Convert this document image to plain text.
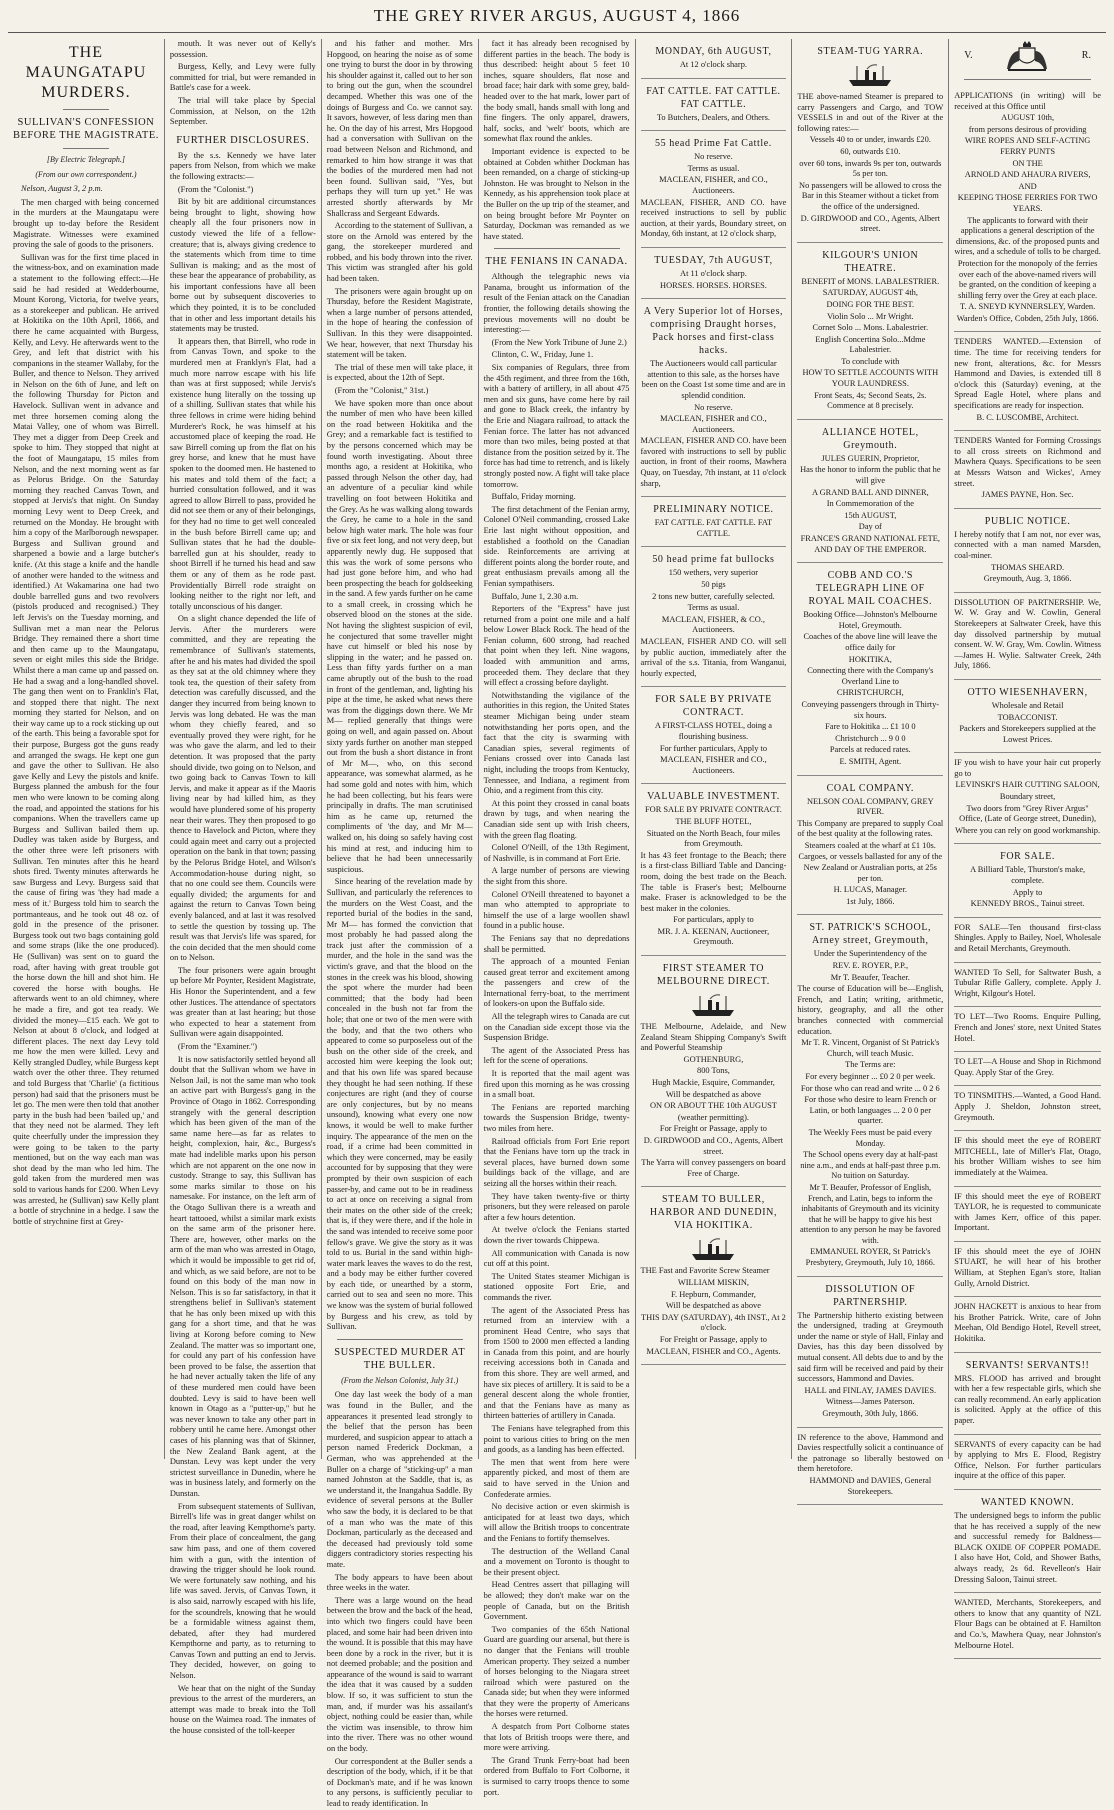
THE GREY RIVER ARGUS, AUGUST 4, 1866
THE MAUNGATAPU MURDERS.
SULLIVAN'S CONFESSION BEFORE THE MAGISTRATE.
[By Electric Telegraph.]
(From our own correspondent.)
Nelson, August 3, 2 p.m.

The men charged with being concerned in the murders at the Maungatapu were brought up to-day before the Resident Magistrate. Witnesses were examined proving the sale of goods to the prisoners.

Sullivan was for the first time placed in the witness-box, and on examination made a statement to the following effect:—He said he had resided at Wedderbourne, Mount Korong, Victoria, for twelve years, as a storekeeper and publican. He arrived at Hokitika on the 10th April, 1866, and there he came acquainted with Burgess, Kelly, and Levy. He afterwards went to the Grey, and left that district with his companions in the steamer Wallaby, for the Buller, and thence to Nelson. They arrived in Nelson on the 6th of June, and left on the following Thursday for Picton and Havelock. Sullivan went in advance and met three horsemen coming along the Matai Valley, one of whom was Birrell. They met a digger from Deep Creek and spoke to him. They stopped that night at the foot of Maungatapu, 15 miles from Nelson, and the next morning went as far as Pelorus Bridge. On the Saturday morning they reached Canvas Town, and stopped at Jervis's that night. On Sunday morning Levy went to Deep Creek, and returned on the Monday. He brought with him a copy of the Marlborough newspaper. Burgess and Sullivan ground and sharpened a bowie and a large butcher's knife. (At this stage a knife and the handle of another were handed to the witness and identified.) At Wakamarina one had two double barrelled guns and two revolvers (pistols produced and recognised.) They left Jervis's on the Tuesday morning, and Sullivan met a man near the Pelorus Bridge. They remained there a short time and then came up to the Maungatapu, seven or eight miles this side the Bridge. Whilst there a man came up and passed on. He had a swag and a long-handled shovel. The gang then went on to Franklin's Flat, and stopped there that night. The next morning they started for Nelson, and on their way came up to a rock sticking up out of the earth. This being a favorable spot for their purpose, Burgess got the guns ready and arranged the swags. He kept one gun and gave the other to Sullivan. He also gave Kelly and Levy the pistols and knife. Burgess planned the ambush for the four men who were known to be coming along the road, and appointed the stations for his companions. When the travellers came up Burgess and Sullivan bailed them up. Dudley was taken aside by Burgess, and the other three were left prisoners with Sullivan. Ten minutes after this he heard shots fired. Twenty minutes afterwards he saw Burgess and Levy. Burgess said that the cause of firing was 'they had made a mess of it.' Burgess told him to search the portmanteaus, and he took out 48 oz. of gold in the presence of the prisoner. Burgess took out two bags containing gold and some straps (like the one produced). He (Sullivan) was sent on to guard the road, after having with great trouble got the horse down the hill and shot him. He covered the horse with boughs. He afterwards went to an old chimney, where he made a fire, and got tea ready. We divided the money—£15 each. We got to Nelson at about 8 o'clock, and lodged at different places. The next day Levy told me how the men were killed. Levy and Kelly strangled Dudley, while Burgess kept watch over the other three. They returned and told Burgess that 'Charlie' (a fictitious person) had said that the prisoners must be let go. The men were then told that another party in the bush had been 'bailed up,' and that they need not be alarmed. They left quite cheerfully under the impression they were going to be taken to the party mentioned, but on the way each man was shot dead by the man who led him. The gold taken from the murdered men was sold to various hands for £200. When Levy was arrested, he (Sullivan) saw Kelly plant a bottle of strychnine in a hedge. I saw the bottle of strychnine first at Grey-

mouth. It was never out of Kelly's possession.

Burgess, Kelly, and Levy were fully committed for trial, but were remanded in Battle's case for a week.

The trial will take place by Special Commission, at Nelson, on the 12th September.

FURTHER DISCLOSURES.

By the s.s. Kennedy we have later papers from Nelson, from which we make the following extracts:—

(From the "Colonist.")

Bit by bit are additional circumstances being brought to light, showing how cheaply all the four prisoners now in custody viewed the life of a fellow-creature; that is, always giving credence to the statements which from time to time Sullivan is making; and as the most of these bear the appearance of probability, as his important confessions have all been borne out by subsequent discoveries to which they pointed, it is to be concluded that in other and less important details his statements may be trusted.

It appears then, that Birrell, who rode in from Canvas Town, and spoke to the murdered men at Franklyn's Flat, had a much more narrow escape with his life than was at first supposed; while Jervis's existence hung literally on the tossing up of a shilling. Sullivan states that while his three fellows in crime were hiding behind Murderer's Rock, he was himself at his accustomed place of keeping the road. He saw Birrell coming up from the flat on his grey horse, and knew that he must have spoken to the doomed men. He hastened to his mates and told them of the fact; a hurried consultation followed, and it was agreed to allow Birrell to pass, provided he did not see them or any of their belongings, for they had no time to get well concealed in the bush before Birrell came up; and Sullivan states that he had the double-barrelled gun at his shoulder, ready to shoot Birrell if he turned his head and saw them or any of them as he rode past. Providentially Birrell rode straight on looking neither to the right nor left, and totally unconscious of his danger.

On a slight chance depended the life of Jervis. After the murderers were committed, and they are repeating the remembrance of Sullivan's statements, after he and his mates had divided the spoil as they sat at the old chimney where they took tea, the question of their safety from detection was carefully discussed, and the danger they incurred from being known to Jervis was long debated. He was the man whom they chiefly feared, and so eventually proved they were right, for he was who gave the alarm, and led to their detention. It was proposed that the party should divide, two going on to Nelson, and two going back to Canvas Town to kill Jervis, and make it appear as if the Maoris living near by had killed him, as they would have plundered some of his property near their wares. They then proposed to go thence to Havelock and Picton, where they could again meet and carry out a projected operation on the bank in that town; passing by the Pelorus Bridge Hotel, and Wilson's Accommodation-house during night, so that no one could see them. Councils were equally divided; the arguments for and against the return to Canvas Town being evenly balanced, and at last it was resolved to settle the question by tossing up. The result was that Jervis's life was spared, for the coin decided that the men should come on to Nelson.

The four prisoners were again brought up before Mr Poynter, Resident Magistrate, His Honor the Superintendent, and a few other Justices. The attendance of spectators was greater than at last hearing; but those who expected to hear a statement from Sullivan were again disappointed.

(From the "Examiner.")

It is now satisfactorily settled beyond all doubt that the Sullivan whom we have in Nelson Jail, is not the same man who took an active part with Burgess's gang in the Province of Otago in 1862. Corresponding strangely with the general description which has been given of the man of the same name here—as far as relates to height, complexion, hair, &c., Burgess's mate had indelible marks upon his person which are not apparent on the one now in custody. Strange to say, this Sullivan has some marks similar to those on his namesake. For instance, on the left arm of the Otago Sullivan there is a wreath and heart tattooed, whilst a similar mark exists on the same arm of the prisoner here. There are, however, other marks on the arm of the man who was arrested in Otago, which it would be impossible to get rid of, and which, as we said before, are not to be found on this body of the man now in Nelson. This is so far satisfactory, in that it strengthens belief in Sullivan's statement that he has only been mixed up with this gang for a short time, and that he was living at Korong before coming to New Zealand. The matter was so important one, for could any part of his confession have been proved to be false, the assertion that he had never actually taken the life of any of these murdered men could have been doubted. Levy is said to have been well known in Otago as a "putter-up," but he was never known to take any other part in robbery until he came here. Amongst other cases of his planning was that of Skinner, the New Zealand Bank agent, at the Dunstan. Levy was kept under the very strictest surveillance in Dunedin, where he was in business lately, and formerly on the Dunstan.

From subsequent statements of Sullivan, Birrell's life was in great danger whilst on the road, after leaving Kempthorne's party. From their place of concealment, the gang saw him pass, and one of them covered him with a gun, with the intention of drawing the trigger should he look round. We were fortunately saw nothing, and his life was saved. Jervis, of Canvas Town, it is also said, narrowly escaped with his life, for the scoundrels, knowing that he would be a formidable witness against them, debated, after they had murdered Kempthorne and party, as to returning to Canvas Town and putting an end to Jervis. They decided, however, on going to Nelson.

We hear that on the night of the Sunday previous to the arrest of the murderers, an attempt was made to break into the Toll house on the Waimea road. The inmates of the house consisted of the toll-keeper

and his father and mother. Mrs Hopgood, on hearing the noise as of some one trying to burst the door in by throwing his shoulder against it, called out to her son to bring out the gun, when the scoundrel decamped. Whether this was one of the doings of Burgess and Co. we cannot say. It savors, however, of less daring men than he. On the day of his arrest, Mrs Hopgood had a conversation with Sullivan on the road between Nelson and Richmond, and remarked to him how strange it was that the bodies of the murdered men had not been found. Sullivan said, "Yes, but perhaps they will turn up yet." He was arrested shortly afterwards by Mr Shallcrass and Sergeant Edwards.

According to the statement of Sullivan, a store on the Arnold was entered by the gang, the storekeeper murdered and robbed, and his body thrown into the river. This victim was strangled after his gold had been taken.

The prisoners were again brought up on Thursday, before the Resident Magistrate, when a large number of persons attended, in the hope of hearing the confession of Sullivan. In this they were disappointed. We hear, however, that next Thursday his statement will be taken.

The trial of these men will take place, it is expected, about the 12th of Sept.

(From the "Colonist," 31st.)

We have spoken more than once about the number of men who have been killed on the road between Hokitika and the Grey; and a remarkable fact is testified to by the persons concerned which may be found worth investigating. About three months ago, a resident at Hokitika, who passed through Nelson the other day, had an adventure of a peculiar kind while travelling on foot between Hokitika and the Grey. As he was walking along towards the Grey, he came to a hole in the sand below high water mark. The hole was four five or six feet long, and not very deep, but apparently newly dug. He supposed that this was the work of some persons who had just gone before him, and who had been prospecting the beach for goldseeking in the sand. A few yards further on he came to a small creek, in crossing which he observed blood on the stones at the side. Not having the slightest suspicion of evil, he conjectured that some traveller might have cut himself or bled his nose by slipping in the water; and he passed on. Less than fifty yards further on a man came abruptly out of the bush to the road in front of the gentleman, and, lighting his pipe at the time, he asked what news there was from the diggings down there. We Mr M— replied generally that things were going on well, and again passed on. About sixty yards further on another man stepped out from the bush a short distance in front of Mr M—, who, on this second appearance, was somewhat alarmed, as he had some gold and notes with him, which he had been collecting, but his fears were principally in drafts. The man scrutinised him as he came up, returned the compliments of 'the day, and Mr M— walked on, his doing so safely having cost his mind at rest, and inducing him to believe that he had been unnecessarily suspicious.

Since hearing of the revelation made by Sullivan, and particularly the references to the murders on the West Coast, and the reported burial of the bodies in the sand, Mr M— has formed the conviction that most probably he had passed along the track just after the commission of a murder, and the hole in the sand was the victim's grave, and that the blood on the stones in the creek was his blood, showing the spot where the murder had been committed; that the body had been concealed in the bush not far from the hole; that one or two of the men were with the body, and that the two others who appeared to come so purposeless out of the bush on the other side of the creek, and accosted him were keeping the look out; and that his own life was spared because they thought he had seen nothing. If these conjectures are right (and they of course are only conjectures, but by no means unsound), knowing what every one now knows, it would be well to make further inquiry. The appearance of the men on the road, if a crime had been committed in which they were concerned, may be easily accounted for by supposing that they were prompted by their own suspicion of each passer-by, and came out to be in readiness to act at once on receiving a signal from their mates on the other side of the creek; that is, if they were there, and if the hole in the sand was intended to receive some poor fellow's grave. We give the story as it was told to us. Burial in the sand within high-water mark leaves the waves to do the rest, and a body may be either further covered by each tide, or unearthed by a storm, carried out to sea and seen no more. This we know was the system of burial followed by Burgess and his crew, as told by Sullivan.

SUSPECTED MURDER AT THE BULLER.
(From the Nelson Colonist, July 31.)

One day last week the body of a man was found in the Buller, and the appearances it presented lead strongly to the belief that the person has been murdered, and suspicion appear to attach a person named Frederick Dockman, a German, who was apprehended at the Buller on a charge of "sticking-up" a man named Johnston at the Saddle, that is, as we understand it, the Inangahua Saddle. By evidence of several persons at the Buller who saw the body, it is declared to be that of a man who was the mate of this Dockman, particularly as the deceased and the deceased had previously told some diggers contradictory stories respecting his mate.

The body appears to have been about three weeks in the water.

There was a large wound on the head between the brow and the back of the head, into which two fingers could have been placed, and some hair had been driven into the wound. It is possible that this may have been done by a rock in the river, but it is not deemed probable; and the position and appearance of the wound is said to warrant the idea that it was caused by a sudden blow. If so, it was sufficient to stun the man, and, if murder was his assailant's object, nothing could be easier than, while the victim was insensible, to throw him into the river. There was no other wound on the body.

Our correspondent at the Buller sends a description of the body, which, if it be that of Dockman's mate, and if he was known to any persons, is sufficiently peculiar to lead to ready identification. In

fact it has already been recognised by different parties in the beach. The body is thus described: height about 5 feet 10 inches, square shoulders, flat nose and broad face; hair dark with some grey, bald-headed over to the hat mark, lower part of the body small, hands small with long and fine fingers. The only apparel, drawers, half, socks, and 'welt' boots, which are somewhat flax round the ankles.

Important evidence is expected to be obtained at Cobden whither Dockman has been remanded, on a charge of sticking-up Johnston. He was brought to Nelson in the Kennedy, as his apprehension took place at the Buller on the up trip of the steamer, and on being brought before Mr Poynter on Saturday, Dockman was remanded as we have stated.

THE FENIANS IN CANADA.

Although the telegraphic news via Panama, brought us information of the result of the Fenian attack on the Canadian frontier, the following details showing the previous movements will no doubt be interesting:—

(From the New York Tribune of June 2.)

Clinton, C. W., Friday, June 1.

Six companies of Regulars, three from the 45th regiment, and three from the 16th, with a battery of artillery, in all about 475 men and six guns, have come here by rail and gone to Black creek, the infantry by the Erie and Niagara railroad, to attack the Fenian force. The latter has not advanced more than two miles, being posted at that distance from the position seized by it. The force has had time to retrench, and is likely strongly posted now. A fight will take place tomorrow.

Buffalo, Friday morning.

The first detachment of the Fenian army, Colonel O'Neil commanding, crossed Lake Erie last night without opposition, and established a foothold on the Canadian side. Reinforcements are arriving at different points along the border route, and great enthusiasm prevails among all the Fenian sympathisers.

Buffalo, June 1, 2.30 a.m.

Reporters of the "Express" have just returned from a point one mile and a half below Lower Black Rock. The head of the Fenian column, 600 strong, had reached that point when they left. Nine wagons, loaded with ammunition and arms, proceeded them. They declare that they will effect a crossing before daylight.

Notwithstanding the vigilance of the authorities in this region, the United States steamer Michigan being under steam notwithstanding her ports open, and the fact that the city is swarming with Canadian spies, several regiments of Fenians crossed over into Canada last night, including the troops from Kentucky, Tennessee, and Indiana, a regiment from Ohio, and a regiment from this city.

At this point they crossed in canal boats drawn by tugs, and when nearing the Canadian side sent up with Irish cheers, with the green flag floating.

Colonel O'Neill, of the 13th Regiment, of Nashville, is in command at Fort Erie.

A large number of persons are viewing the sight from this shore.

Colonel O'Neill threatened to bayonet a man who attempted to appropriate to himself the use of a large woollen shawl found in a public house.

The Fenians say that no depredations shall be permitted.

The approach of a mounted Fenian caused great terror and excitement among the passengers and crew of the International ferry-boat, to the merriment of lookers-on upon the Buffalo side.

All the telegraph wires to Canada are cut on the Canadian side except those via the Suspension Bridge.

The agent of the Associated Press has left for the scene of operations.

It is reported that the mail agent was fired upon this morning as he was crossing in a small boat.

The Fenians are reported marching towards the Suspension Bridge, twenty-two miles from here.

Railroad officials from Fort Erie report that the Fenians have torn up the track in several places, have burned down some buildings back of the village, and are seizing all the horses within their reach.

They have taken twenty-five or thirty prisoners, but they were released on parole after a few hours detention.

At twelve o'clock the Fenians started down the river towards Chippewa.

All communication with Canada is now cut off at this point.

The United States steamer Michigan is stationed opposite Fort Erie, and commands the river.

The agent of the Associated Press has returned from an interview with a prominent Head Centre, who says that from 1500 to 2000 men effected a landing in Canada from this point, and are hourly receiving accessions both in Canada and from this shore. They are well armed, and have six pieces of artillery. It is said to be a general descent along the whole frontier, and that the Fenians have as many as thirteen batteries of artillery in Canada.

The Fenians have telegraphed from this point to various cities to bring on the men and goods, as a landing has been effected.

The men that went from here were apparently picked, and most of them are said to have served in the Union and Confederate armies.

No decisive action or even skirmish is anticipated for at least two days, which will allow the British troops to concentrate and the Fenians to fortify themselves.

The destruction of the Welland Canal and a movement on Toronto is thought to be their present object.

Head Centres assert that pillaging will be allowed; they don't make war on the people of Canada, but on the British Government.

Two companies of the 65th National Guard are guarding our arsenal, but there is no danger that the Fenians will trouble American property. They seized a number of horses belonging to the Niagara street railroad which were pastured on the Canada side; but when they were informed that they were the property of Americans the horses were returned.

A despatch from Port Colborne states that lots of British troops were there, and more were arriving.

The Grand Trunk Ferry-boat had been ordered from Buffalo to Fort Colborne, it is surmised to carry troops thence to some port.

MONDAY, 6th AUGUST,
At 12 o'clock sharp.
FAT CATTLE. FAT CATTLE. FAT CATTLE.
To Butchers, Dealers, and Others.
55 head Prime Fat Cattle.
No reserve.
Terms as usual.
MACLEAN, FISHER, and CO., Auctioneers.
MACLEAN, FISHER, AND CO. have received instructions to sell by public auction, at their yards, Boundary street, on Monday, 6th instant, at 12 o'clock sharp,
TUESDAY, 7th AUGUST,
At 11 o'clock sharp.
HORSES. HORSES. HORSES.
A Very Superior lot of Horses, comprising Draught horses, Pack horses and first-class hacks.
The Auctioneers would call particular attention to this sale, as the horses have been on the Coast 1st some time and are in splendid condition.
No reserve.
MACLEAN, FISHER and CO., Auctioneers.
MACLEAN, FISHER AND CO. have been favored with instructions to sell by public auction, in front of their rooms, Mawhera Quay, on Tuesday, 7th instant, at 11 o'clock sharp,
PRELIMINARY NOTICE.
FAT CATTLE. FAT CATTLE. FAT CATTLE.
50 head prime fat bullocks
150 wethers, very superior
50 pigs
2 tons new butter, carefully selected.
Terms as usual.
MACLEAN, FISHER, & CO., Auctioneers.
MACLEAN, FISHER AND CO. will sell by public auction, immediately after the arrival of the s.s. Titania, from Wanganui, hourly expected,
FOR SALE BY PRIVATE CONTRACT.
A FIRST-CLASS HOTEL, doing a flourishing business.
For further particulars, Apply to
MACLEAN, FISHER and CO., Auctioneers.
VALUABLE INVESTMENT.
FOR SALE BY PRIVATE CONTRACT.
THE BLUFF HOTEL,
Situated on the North Beach, four miles from Greymouth.
It has 43 feet frontage to the Beach; there is a first-class Billiard Table and Dancing-room, doing the best trade on the Beach. The table is Fraser's best; Melbourne make. Fraser is acknowledged to be the best maker in the colonies.
For particulars, apply to
MR. J. A. KEENAN, Auctioneer, Greymouth.
FIRST STEAMER TO MELBOURNE DIRECT.
THE Melbourne, Adelaide, and New Zealand Steam Shipping Company's Swift and Powerful Steamship
GOTHENBURG,
800 Tons,
Hugh Mackie, Esquire, Commander,
Will be despatched as above
ON OR ABOUT THE 10th AUGUST
(weather permitting).
For Freight or Passage, apply to
D. GIRDWOOD and CO., Agents, Albert street.
The Yarra will convey passengers on board Free of Charge.
STEAM TO BULLER, HARBOR AND DUNEDIN, VIA HOKITIKA.
THE Fast and Favorite Screw Steamer
WILLIAM MISKIN,
F. Hepburn, Commander,
Will be despatched as above
THIS DAY (SATURDAY), 4th INST., At 2 o'clock.
For Freight or Passage, apply to
MACLEAN, FISHER and CO., Agents.
STEAM-TUG YARRA.
THE above-named Steamer is prepared to carry Passengers and Cargo, and TOW VESSELS in and out of the River at the following rates:—
Vessels 40 to or under, inwards £20.
60, outwards £10.
over 60 tons, inwards 9s per ton, outwards 5s per ton.
No passengers will be allowed to cross the Bar in this Steamer without a ticket from the office of the undersigned.
D. GIRDWOOD and CO., Agents, Albert street.
KILGOUR'S UNION THEATRE.
BENEFIT of MONS. LABALESTRIER.
SATURDAY, AUGUST 4th,
DOING FOR THE BEST.
Violin Solo ... Mr Wright.
Cornet Solo ... Mons. Labalestrier.
English Concertina Solo...Mdme Labalestrier.
To conclude with
HOW TO SETTLE ACCOUNTS WITH YOUR LAUNDRESS.
Front Seats, 4s; Second Seats, 2s. Commence at 8 precisely.
ALLIANCE HOTEL, Greymouth.
JULES GUERIN, Proprietor,
Has the honor to inform the public that he will give
A GRAND BALL AND DINNER,
In Commemoration of the
15th AUGUST,
Day of
FRANCE'S GRAND NATIONAL FETE, AND DAY OF THE EMPEROR.
COBB AND CO.'S TELEGRAPH LINE OF ROYAL MAIL COACHES.
Booking Office—Johnston's Melbourne Hotel, Greymouth.
Coaches of the above line will leave the office daily for
HOKITIKA,
Connecting there with the Company's Overland Line to
CHRISTCHURCH,
Conveying passengers through in Thirty-six hours.
Fare to Hokitika ... £1 10 0
Christchurch ... 9 0 0
Parcels at reduced rates.
E. SMITH, Agent.
COAL COMPANY.
NELSON COAL COMPANY, GREY RIVER.
This Company are prepared to supply Coal of the best quality at the following rates.
Steamers coaled at the wharf at £1 10s.
Cargoes, or vessels ballasted for any of the New Zealand or Australian ports, at 25s per ton.
H. LUCAS, Manager.
1st July, 1866.
ST. PATRICK'S SCHOOL, Arney street, Greymouth,
Under the Superintendency of the
REV. E. ROYER, P.P.,
Mr T. Beaufer, Teacher.
The course of Education will be—English, French, and Latin; writing, arithmetic, history, geography, and all the other branches connected with commercial education.
Mr T. R. Vincent, Organist of St Patrick's Church, will teach Music.
The Terms are:
For every beginner ... £0 2 0 per week.
For those who can read and write ... 0 2 6
For those who desire to learn French or Latin, or both languages ... 2 0 0 per quarter.
The Weekly Fees must be paid every Monday.
The School opens every day at half-past nine a.m., and ends at half-past three p.m. No tuition on Saturday.
Mr T. Beaufer, Professor of English, French, and Latin, begs to inform the inhabitants of Greymouth and its vicinity that he will be happy to give his best attention to any person he may be favored with.
EMMANUEL ROYER, St Patrick's Presbytery, Greymouth, July 10, 1866.
DISSOLUTION OF PARTNERSHIP.
The Partnership hitherto existing between the undersigned, trading at Greymouth under the name or style of Hall, Finlay and Davies, has this day been dissolved by mutual consent. All debts due to and by the said firm will be received and paid by their successors, Hammond and Davies.
HALL and FINLAY, JAMES DAVIES.
Witness—James Paterson.
Greymouth, 30th July, 1866.
IN reference to the above, Hammond and Davies respectfully solicit a continuance of the patronage so liberally bestowed on them heretofore.
HAMMOND and DAVIES, General Storekeepers.
V.	R.
APPLICATIONS (in writing) will be received at this Office until
AUGUST 10th,
from persons desirous of providing
WIRE ROPES AND SELF-ACTING FERRY PUNTS
ON THE
ARNOLD AND AHAURA RIVERS,
AND
KEEPING THOSE FERRIES FOR TWO YEARS.
The applicants to forward with their applications a general description of the dimensions, &c. of the proposed punts and wires, and a schedule of tolls to be charged.
Protection for the monopoly of the ferries over each of the above-named rivers will be granted, on the condition of keeping a shilling ferry over the Grey at each place.
T. A. SNEYD KYNNERSLEY, Warden.
Warden's Office, Cobden, 25th July, 1866.
TENDERS WANTED.—Extension of time. The time for receiving tenders for new front, alterations, &c. for Messrs Hammond and Davies, is extended till 8 o'clock this (Saturday) evening, at the Spread Eagle Hotel, where plans and specifications are ready for inspection.
B. C. LUSCOMBE, Architect.
TENDERS Wanted for Forming Crossings to all cross streets on Richmond and Mawhera Quays. Specifications to be seen at Messrs Watson and Wickes', Arney street.
JAMES PAYNE, Hon. Sec.
PUBLIC NOTICE.
I hereby notify that I am not, nor ever was, connected with a man named Marsden, coal-miner.
THOMAS SHEARD.
Greymouth, Aug. 3, 1866.
DISSOLUTION OF PARTNERSHIP. We, W. W. Gray and W. Cowlin, General Storekeepers at Saltwater Creek, have this day dissolved partnership by mutual consent. W. W. Gray, Wm. Cowlin. Witness—James H. Wylie. Saltwater Creek, 24th July, 1866.
OTTO WIESENHAVERN,
Wholesale and Retail
TOBACCONIST.
Packers and Storekeepers supplied at the Lowest Prices.
IF you wish to have your hair cut properly go to
LEVINSKI'S HAIR CUTTING SALOON,
Boundary street,
Two doors from "Grey River Argus" Office, (Late of George street, Dunedin),
Where you can rely on good workmanship.
FOR SALE.
A Billiard Table, Thurston's make, complete.
Apply to
KENNEDY BROS., Tainui street.
FOR SALE—Ten thousand first-class Shingles. Apply to Bailey, Noel, Wholesale and Retail Merchants, Greymouth.
WANTED To Sell, for Saltwater Bush, a Tubular Rifle Gallery, complete. Apply J. Wright, Kilgour's Hotel.
TO LET—Two Rooms. Enquire Pulling, French and Jones' store, next United States Hotel.
TO LET—A House and Shop in Richmond Quay. Apply Star of the Grey.
TO TINSMITHS.—Wanted, a Good Hand. Apply J. Sheldon, Johnston street, Greymouth.
IF this should meet the eye of ROBERT MITCHELL, late of Miller's Flat, Otago, his brother William wishes to see him immediately at the Waimea.
IF this should meet the eye of ROBERT TAYLOR, he is requested to communicate with James Kerr, office of this paper. Important.
IF this should meet the eye of JOHN STUART, he will hear of his brother William, at Stephen Egan's store, Italian Gully, Arnold District.
JOHN HACKETT is anxious to hear from his Brother Patrick. Write, care of John Meehan, Old Bendigo Hotel, Revell street, Hokitika.
SERVANTS! SERVANTS!!
MRS. FLOOD has arrived and brought with her a few respectable girls, which she can really recommend. An early application is solicited. Apply at the office of this paper.
SERVANTS of every capacity can be had by applying to Mrs E. Flood, Registry Office, Nelson. For further particulars inquire at the office of this paper.
WANTED KNOWN.
The undersigned begs to inform the public that he has received a supply of the new and successful remedy for Baldness—BLACK OXIDE OF COPPER POMADE. I also have Hot, Cold, and Shower Baths, always ready, 2s 6d. Revelleon's Hair Dressing Saloon, Tainui street.
WANTED, Merchants, Storekeepers, and others to know that any quantity of NZL Flour Bags can be obtained at F. Hamilton and Co.'s, Mawhera Quay, near Johnston's Melbourne Hotel.
